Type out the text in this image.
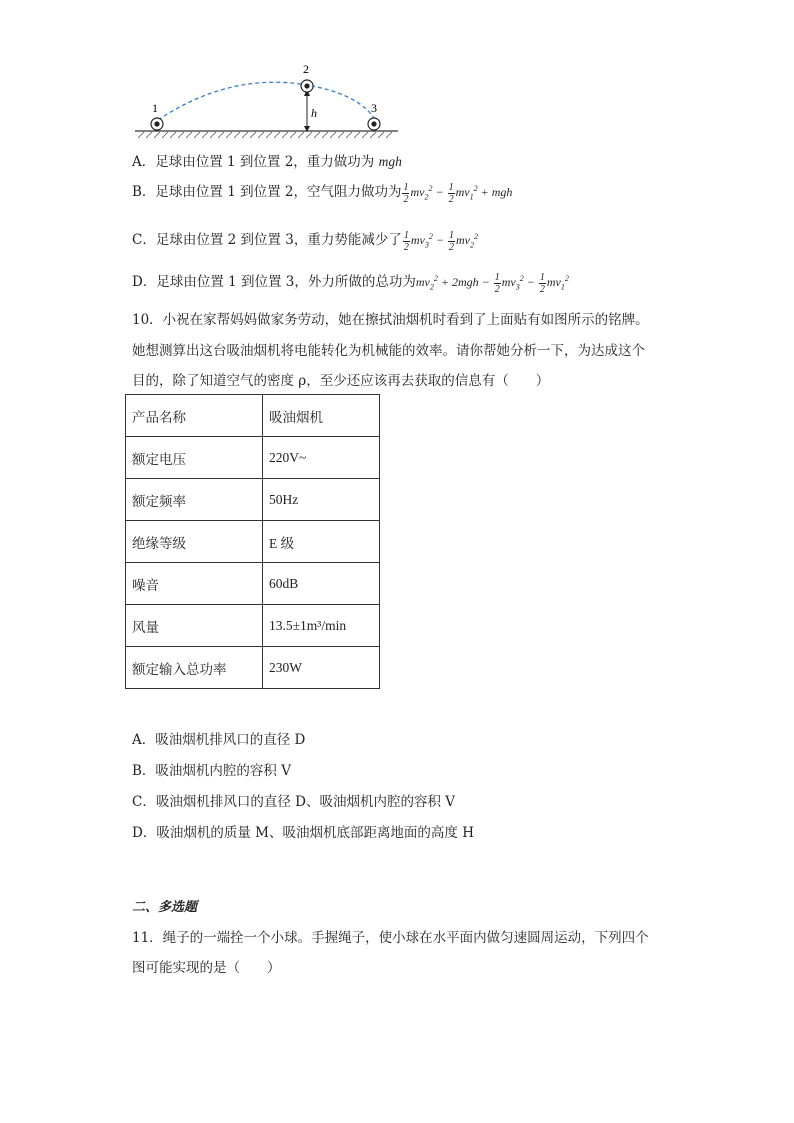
1
2
3
h
A．足球由位置 1 到位置 2，重力做功为 mgh
B．足球由位置 1 到位置 2，空气阻力做功为 $\frac{1}{2} mv_2^2 - \frac{1}{2} mv_1^2$ + mgh
C．足球由位置 2 到位置 3，重力势能减少了 $\frac{1}{2} mv_3^2 - \frac{1}{2} mv_2^2$
D．足球由位置 1 到位置 3，外力所做的总功为$mv_2^2 + 2mgh - \frac{1}{2} mv_3^2 - \frac{1}{2} mv_1^2$
10．小祝在家帮妈妈做家务劳动，她在擦拭油烟机时看到了上面贴有如图所示的铭牌。
她想测算出这台吸油烟机将电能转化为机械能的效率。请你帮她分析一下，为达成这个
目的，除了知道空气的密度 ρ，至少还应该再去获取的信息有（　　）
产品名称	吸油烟机
额定电压	220V~
额定频率	50Hz
绝缘等级	E 级
噪音	60dB
风量	13.5±1m³/min
额定输入总功率	230W
A．吸油烟机排风口的直径 D
B．吸油烟机内腔的容积 V
C．吸油烟机排风口的直径 D、吸油烟机内腔的容积 V
D．吸油烟机的质量 M、吸油烟机底部距离地面的高度 H
二、多选题
11．绳子的一端拴一个小球。手握绳子，使小球在水平面内做匀速圆周运动，下列四个
图可能实现的是（　　）
